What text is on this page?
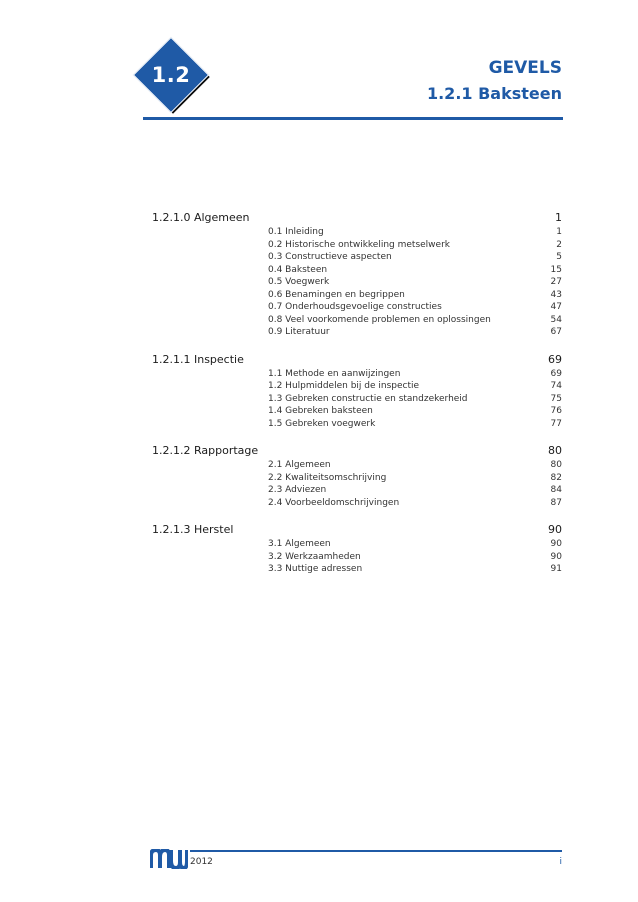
1.2	GEVELS
1.2.1 Baksteen
1.2.1.0 Algemeen	1
0.1 Inleiding	1
0.2 Historische ontwikkeling metselwerk	2
0.3 Constructieve aspecten	5
0.4 Baksteen	15
0.5 Voegwerk	27
0.6 Benamingen en begrippen	43
0.7 Onderhoudsgevoelige constructies	47
0.8 Veel voorkomende problemen en oplossingen	54
0.9 Literatuur	67
1.2.1.1 Inspectie	69
1.1 Methode en aanwijzingen	69
1.2 Hulpmiddelen bij de inspectie	74
1.3 Gebreken constructie en standzekerheid	75
1.4 Gebreken baksteen	76
1.5 Gebreken voegwerk	77
1.2.1.2 Rapportage	80
2.1 Algemeen	80
2.2 Kwaliteitsomschrijving	82
2.3 Adviezen	84
2.4 Voorbeeldomschrijvingen	87
1.2.1.3 Herstel	90
3.1 Algemeen	90
3.2 Werkzaamheden	90
3.3 Nuttige adressen	91
2012	i
